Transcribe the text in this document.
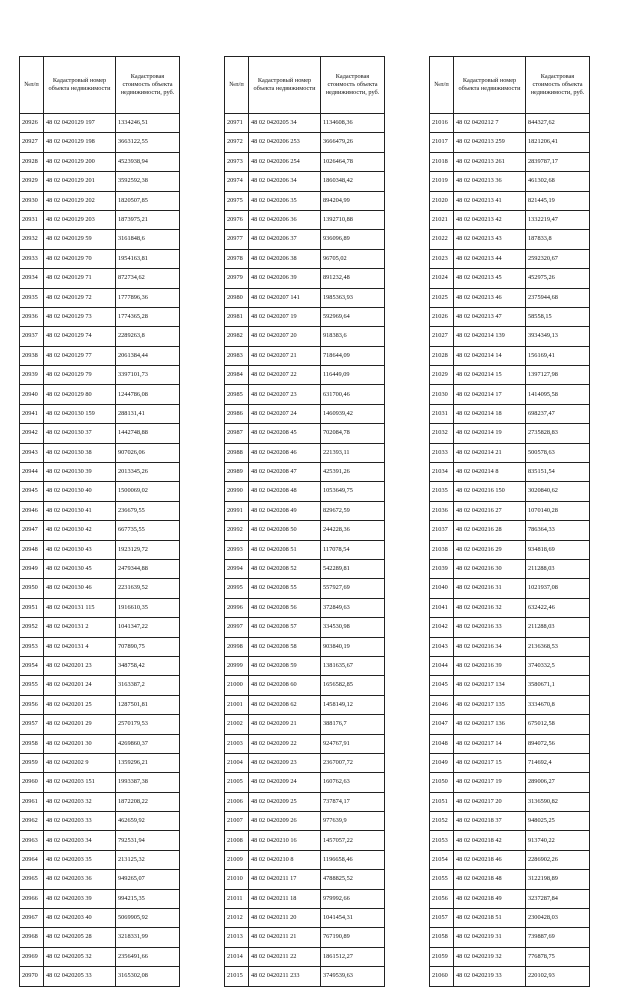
№п/п	Кадастровый номер объекта недвижимости	Кадастровая стоимость объекта недвижимости, руб.
20926	48 02 0420129 197	1334246,51
20927	48 02 0420129 198	3663122,55
20928	48 02 0420129 200	4523938,94
20929	48 02 0420129 201	3592592,38
20930	48 02 0420129 202	1820507,85
20931	48 02 0420129 203	1873975,21
20932	48 02 0420129 59	3161848,6
20933	48 02 0420129 70	1954163,81
20934	48 02 0420129 71	872734,62
20935	48 02 0420129 72	1777896,36
20936	48 02 0420129 73	1774365,28
20937	48 02 0420129 74	2289263,8
20938	48 02 0420129 77	2061384,44
20939	48 02 0420129 79	3397101,73
20940	48 02 0420129 80	1244786,08
20941	48 02 0420130 159	288131,41
20942	48 02 0420130 37	1442748,88
20943	48 02 0420130 38	907026,06
20944	48 02 0420130 39	2013345,26
20945	48 02 0420130 40	1500069,02
20946	48 02 0420130 41	236679,55
20947	48 02 0420130 42	667735,55
20948	48 02 0420130 43	1923129,72
20949	48 02 0420130 45	2479344,88
20950	48 02 0420130 46	2231639,52
20951	48 02 0420131 115	1916610,35
20952	48 02 0420131 2	1041347,22
20953	48 02 0420131 4	707890,75
20954	48 02 0420201 23	348758,42
20955	48 02 0420201 24	3163387,2
20956	48 02 0420201 25	1287501,81
20957	48 02 0420201 29	2570179,53
20958	48 02 0420201 30	4269860,37
20959	48 02 0420202 9	1359296,21
20960	48 02 0420203 151	1993387,38
20961	48 02 0420203 32	1872208,22
20962	48 02 0420203 33	462659,92
20963	48 02 0420203 34	792531,94
20964	48 02 0420203 35	213125,32
20965	48 02 0420203 36	949265,07
20966	48 02 0420203 39	994215,35
20967	48 02 0420203 40	5069905,92
20968	48 02 0420205 28	3218331,99
20969	48 02 0420205 32	2356491,66
20970	48 02 0420205 33	3165302,08
№п/п	Кадастровый номер объекта недвижимости	Кадастровая стоимость объекта недвижимости, руб.
20971	48 02 0420205 34	1134608,36
20972	48 02 0420206 253	3666479,26
20973	48 02 0420206 254	1026464,78
20974	48 02 0420206 34	1860348,42
20975	48 02 0420206 35	894204,99
20976	48 02 0420206 36	1392710,88
20977	48 02 0420206 37	936096,89
20978	48 02 0420206 38	96705,02
20979	48 02 0420206 39	891232,48
20980	48 02 0420207 141	1985363,93
20981	48 02 0420207 19	592969,64
20982	48 02 0420207 20	918383,6
20983	48 02 0420207 21	718644,09
20984	48 02 0420207 22	116449,09
20985	48 02 0420207 23	631700,46
20986	48 02 0420207 24	1460939,42
20987	48 02 0420208 45	702084,78
20988	48 02 0420208 46	221393,11
20989	48 02 0420208 47	425391,26
20990	48 02 0420208 48	1053649,75
20991	48 02 0420208 49	829672,59
20992	48 02 0420208 50	244228,36
20993	48 02 0420208 51	117078,54
20994	48 02 0420208 52	542289,81
20995	48 02 0420208 55	557927,69
20996	48 02 0420208 56	372849,63
20997	48 02 0420208 57	334530,98
20998	48 02 0420208 58	903840,19
20999	48 02 0420208 59	1381635,67
21000	48 02 0420208 60	1656582,85
21001	48 02 0420208 62	1458149,12
21002	48 02 0420209 21	388176,7
21003	48 02 0420209 22	924767,91
21004	48 02 0420209 23	2367007,72
21005	48 02 0420209 24	160762,63
21006	48 02 0420209 25	737874,17
21007	48 02 0420209 26	977639,9
21008	48 02 0420210 16	1457057,22
21009	48 02 0420210 8	1196658,46
21010	48 02 0420211 17	4788825,52
21011	48 02 0420211 18	979992,66
21012	48 02 0420211 20	1041454,31
21013	48 02 0420211 21	767190,89
21014	48 02 0420211 22	1861512,27
21015	48 02 0420211 233	3749539,63
№п/п	Кадастровый номер объекта недвижимости	Кадастровая стоимость объекта недвижимости, руб.
21016	48 02 0420212 7	844327,62
21017	48 02 0420213 259	1821206,41
21018	48 02 0420213 261	2839787,17
21019	48 02 0420213 36	461302,68
21020	48 02 0420213 41	821445,19
21021	48 02 0420213 42	1332219,47
21022	48 02 0420213 43	187833,8
21023	48 02 0420213 44	2592320,67
21024	48 02 0420213 45	452975,26
21025	48 02 0420213 46	2375944,68
21026	48 02 0420213 47	58558,15
21027	48 02 0420214 139	3934349,13
21028	48 02 0420214 14	156169,41
21029	48 02 0420214 15	1397127,98
21030	48 02 0420214 17	1414095,58
21031	48 02 0420214 18	698237,47
21032	48 02 0420214 19	2735828,83
21033	48 02 0420214 21	500578,63
21034	48 02 0420214 8	835151,54
21035	48 02 0420216 150	3020840,62
21036	48 02 0420216 27	1070140,28
21037	48 02 0420216 28	786364,33
21038	48 02 0420216 29	934818,69
21039	48 02 0420216 30	211288,03
21040	48 02 0420216 31	1021937,08
21041	48 02 0420216 32	632422,46
21042	48 02 0420216 33	211288,03
21043	48 02 0420216 34	2136368,53
21044	48 02 0420216 39	3740332,5
21045	48 02 0420217 134	3580671,1
21046	48 02 0420217 135	3334670,8
21047	48 02 0420217 136	675012,58
21048	48 02 0420217 14	894072,56
21049	48 02 0420217 15	714692,4
21050	48 02 0420217 19	289006,27
21051	48 02 0420217 20	3136590,82
21052	48 02 0420218 37	948025,25
21053	48 02 0420218 42	913740,22
21054	48 02 0420218 46	2286902,26
21055	48 02 0420218 48	3122198,89
21056	48 02 0420218 49	3237287,84
21057	48 02 0420218 51	2300428,03
21058	48 02 0420219 31	739887,69
21059	48 02 0420219 32	776878,75
21060	48 02 0420219 33	220102,93
